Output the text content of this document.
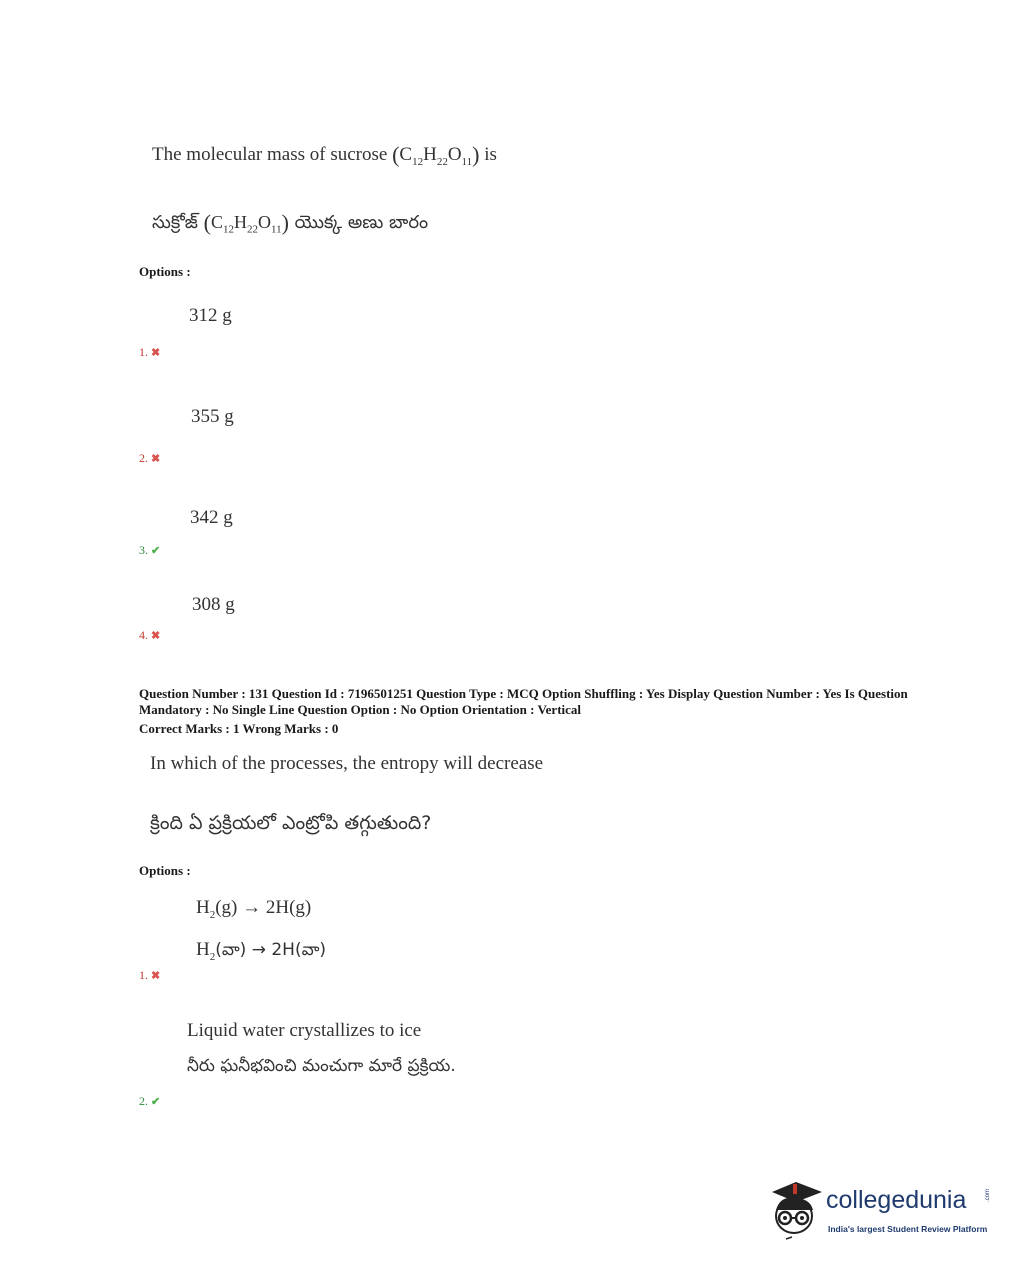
The molecular mass of sucrose $(C_{12}H_{22}O_{11})$ is
సుక్రోజ్ $(C_{12}H_{22}O_{11})$ యొక్క అణు బారం
Options :
312 g
1. ✖
355 g
2. ✖
342 g
3. ✔
308 g
4. ✖
Question Number : 131 Question Id : 7196501251 Question Type : MCQ Option Shuffling : Yes Display Question Number : Yes Is Question Mandatory : No Single Line Question Option : No Option Orientation : Vertical
Correct Marks : 1 Wrong Marks : 0
In which of the processes, the entropy will decrease
క్రింది ఏ ప్రక్రియలో ఎంట్రోపి తగ్గుతుంది?
Options :
$H_2(g) \to 2H(g)$
$H_2(వా)$ → 2H(వా)
1. ✖
Liquid water crystallizes to ice
నీరు ఘనీభవించి మంచుగా మారే ప్రక్రియ.
2. ✔
collegedunia	.com
India's largest Student Review Platform
